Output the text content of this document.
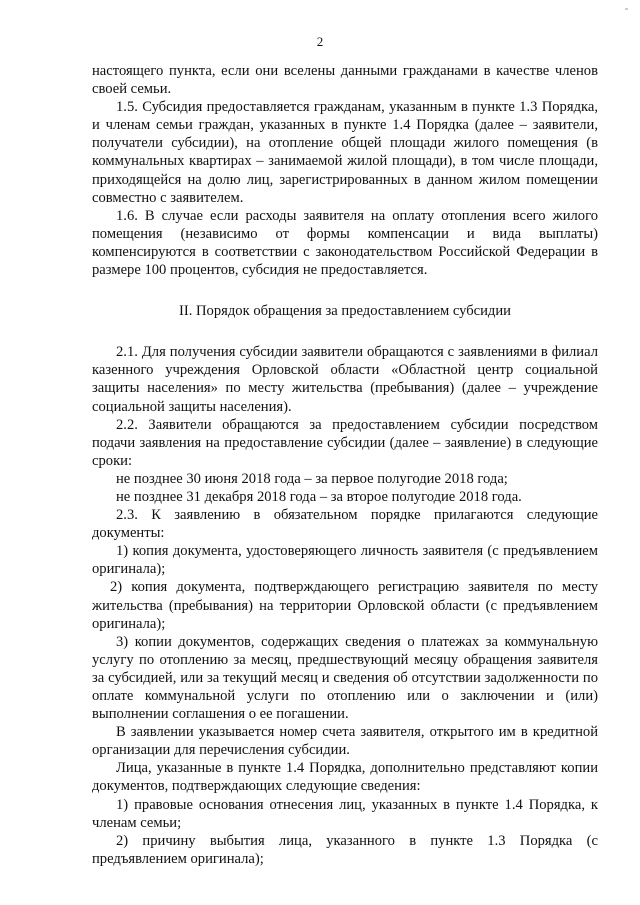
2

настоящего пункта, если они вселены данными гражданами в качестве членов своей семьи.

1.5. Субсидия предоставляется гражданам, указанным в пункте 1.3 Порядка, и членам семьи граждан, указанных в пункте 1.4 Порядка (далее – заявители, получатели субсидии), на отопление общей площади жилого помещения (в коммунальных квартирах – занимаемой жилой площади), в том числе площади, приходящейся на долю лиц, зарегистрированных в данном жилом помещении совместно с заявителем.

1.6. В случае если расходы заявителя на оплату отопления всего жилого помещения (независимо от формы компенсации и вида выплаты) компенсируются в соответствии с законодательством Российской Федерации в размере 100 процентов, субсидия не предоставляется.

II. Порядок обращения за предоставлением субсидии

2.1. Для получения субсидии заявители обращаются с заявлениями в филиал казенного учреждения Орловской области «Областной центр социальной защиты населения» по месту жительства (пребывания) (далее – учреждение социальной защиты населения).

2.2. Заявители обращаются за предоставлением субсидии посредством подачи заявления на предоставление субсидии (далее – заявление) в следующие сроки:

не позднее 30 июня 2018 года – за первое полугодие 2018 года;

не позднее 31 декабря 2018 года – за второе полугодие 2018 года.

2.3. К заявлению в обязательном порядке прилагаются следующие документы:

1) копия документа, удостоверяющего личность заявителя (с предъявлением оригинала);

2) копия документа, подтверждающего регистрацию заявителя по месту жительства (пребывания) на территории Орловской области (с предъявлением оригинала);

3) копии документов, содержащих сведения о платежах за коммунальную услугу по отоплению за месяц, предшествующий месяцу обращения заявителя за субсидией, или за текущий месяц и сведения об отсутствии задолженности по оплате коммунальной услуги по отоплению или о заключении и (или) выполнении соглашения о ее погашении.

В заявлении указывается номер счета заявителя, открытого им в кредитной организации для перечисления субсидии.

Лица, указанные в пункте 1.4 Порядка, дополнительно представляют копии документов, подтверждающих следующие сведения:

1) правовые основания отнесения лиц, указанных в пункте 1.4 Порядка, к членам семьи;

2) причину выбытия лица, указанного в пункте 1.3 Порядка (с предъявлением оригинала);
